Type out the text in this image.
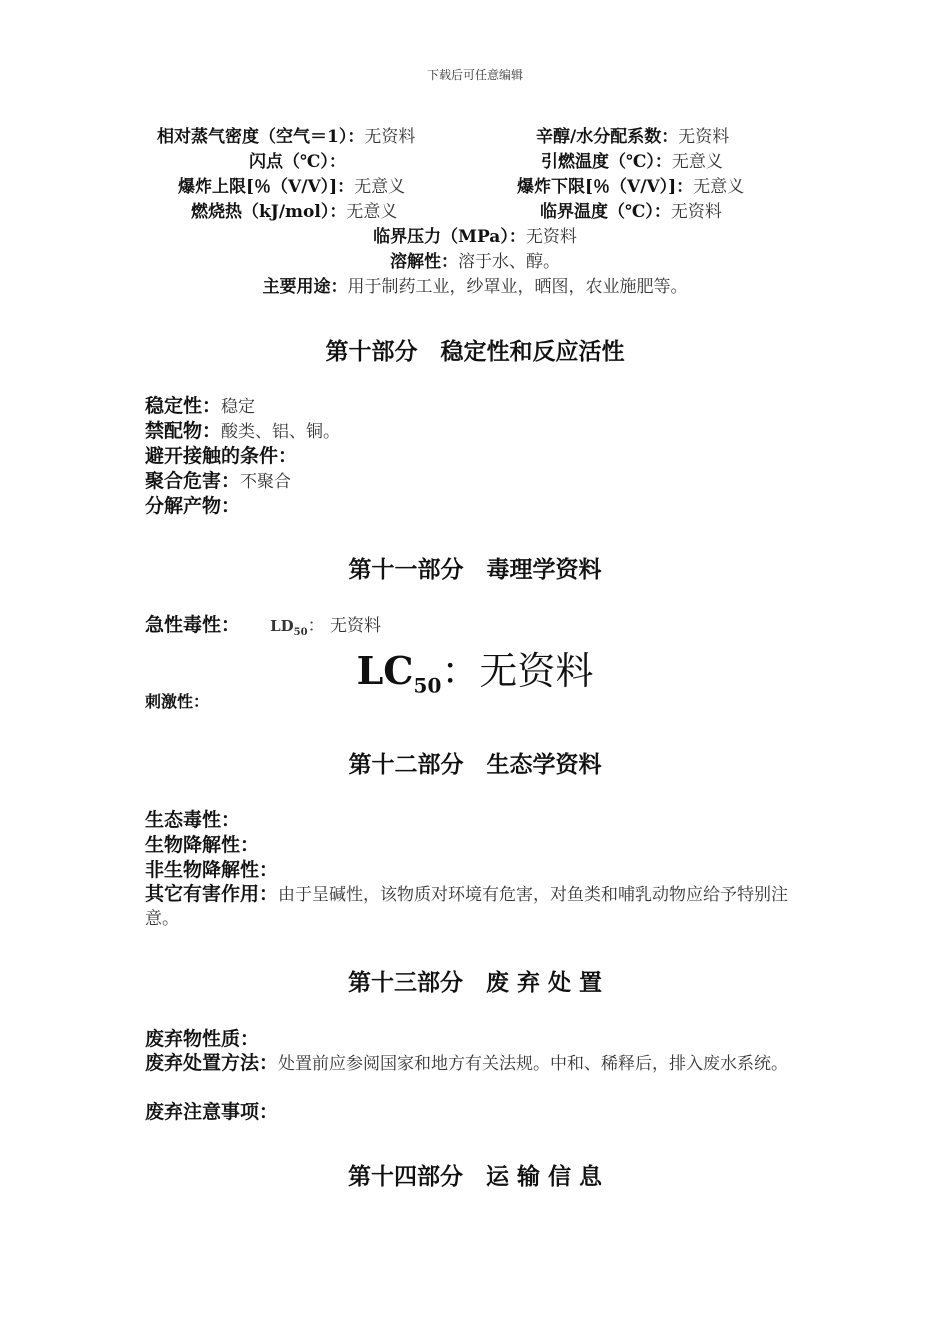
下载后可任意编辑
相对蒸气密度（空气＝1）：无资料	辛醇/水分配系数：无资料
闪点（℃）：	引燃温度（℃）：无意义
爆炸上限[％（V/V）]：无意义	爆炸下限[％（V/V）]：无意义
燃烧热（kJ/mol）：无意义	临界温度（℃）：无资料
临界压力（MPa）：无资料
溶解性：溶于水、醇。
主要用途：用于制药工业，纱罩业，晒图，农业施肥等。
第十部分　稳定性和反应活性
稳定性：稳定
禁配物：酸类、铝、铜。
避开接触的条件：
聚合危害：不聚合
分解产物：
第十一部分　毒理学资料
急性毒性： $LD_{50}$： 无资料
$LC_{50}$：无资料
刺激性：
第十二部分　生态学资料
生态毒性：
生物降解性：
非生物降解性：
其它有害作用：由于呈碱性，该物质对环境有危害，对鱼类和哺乳动物应给予特别注意。
第十三部分　废 弃 处 置
废弃物性质：
废弃处置方法：处置前应参阅国家和地方有关法规。中和、稀释后，排入废水系统。
废弃注意事项：
第十四部分　运 输 信 息
